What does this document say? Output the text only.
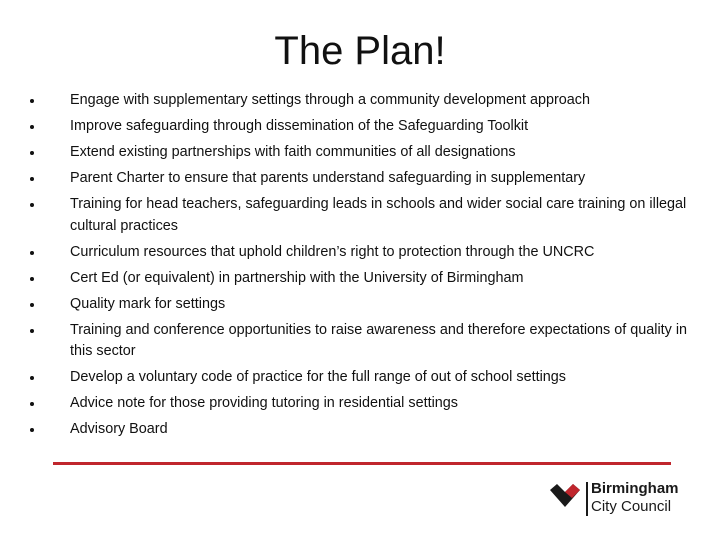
The Plan!
Engage with supplementary settings through a community development approach
Improve safeguarding through dissemination of the Safeguarding Toolkit
Extend existing partnerships with faith communities of all designations
Parent Charter to ensure that parents understand safeguarding in supplementary
Training for head teachers, safeguarding leads in schools and wider social care training on illegal cultural practices
Curriculum resources that uphold children’s right to protection through the UNCRC
Cert Ed (or equivalent) in partnership with the University of Birmingham
Quality mark for settings
Training and conference opportunities to raise awareness and therefore expectations of quality in this sector
Develop a voluntary code of practice for the full range of out of school settings
Advice note for those providing tutoring in residential settings
Advisory Board
Birmingham
City Council
